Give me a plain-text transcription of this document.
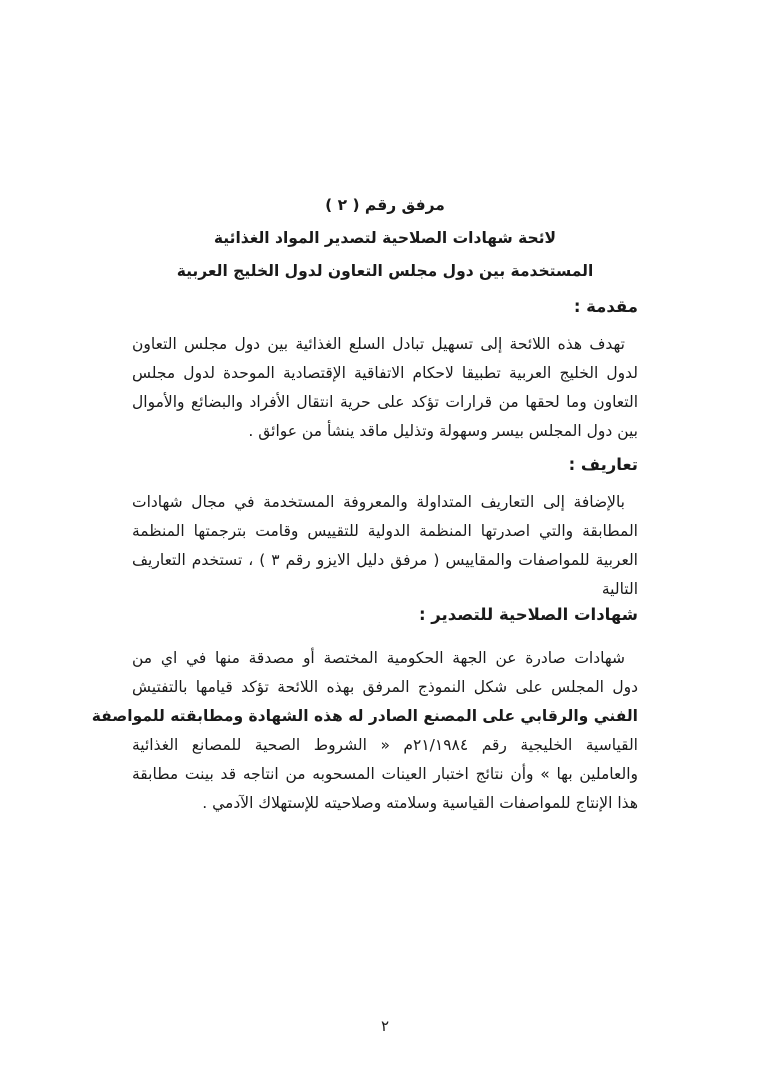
مرفق رقم ( ٢ )
لائحة شهادات الصلاحية لتصدير المواد الغذائية
المستخدمة بين دول مجلس التعاون لدول الخليج العربية
مقدمة :
تهدف هذه اللائحة إلى تسهيل تبادل السلع الغذائية بين دول مجلس التعاون
لدول الخليج العربية تطبيقا لاحكام الاتفاقية الإقتصادية الموحدة لدول مجلس
التعاون وما لحقها من قرارات تؤكد على حرية انتقال الأفراد والبضائع والأموال
بين دول المجلس بيسر وسهولة وتذليل ماقد ينشأ من عوائق .
تعاريف :
بالإضافة إلى التعاريف المتداولة والمعروفة المستخدمة في مجال شهادات
المطابقة والتي اصدرتها المنظمة الدولية للتقييس وقامت بترجمتها المنظمة
العربية للمواصفات والمقاييس ( مرفق دليل الايزو رقم ٣ ) ، تستخدم التعاريف
التالية
شهادات الصلاحية للتصدير :
شهادات صادرة عن الجهة الحكومية المختصة أو مصدقة منها في اي من
دول المجلس على شكل النموذج المرفق بهذه اللائحة تؤكد قيامها بالتفتيش
الفني والرقابي على المصنع الصادر له هذه الشهادة ومطابقته للمواصفة
القياسية الخليجية رقم ٢١/١٩٨٤م « الشروط الصحية للمصانع الغذائية
والعاملين بها » وأن نتائج اختبار العينات المسحوبه من انتاجه قد بينت مطابقة
هذا الإنتاج للمواصفات القياسية وسلامته وصلاحيته للإستهلاك الآدمي .
٢
